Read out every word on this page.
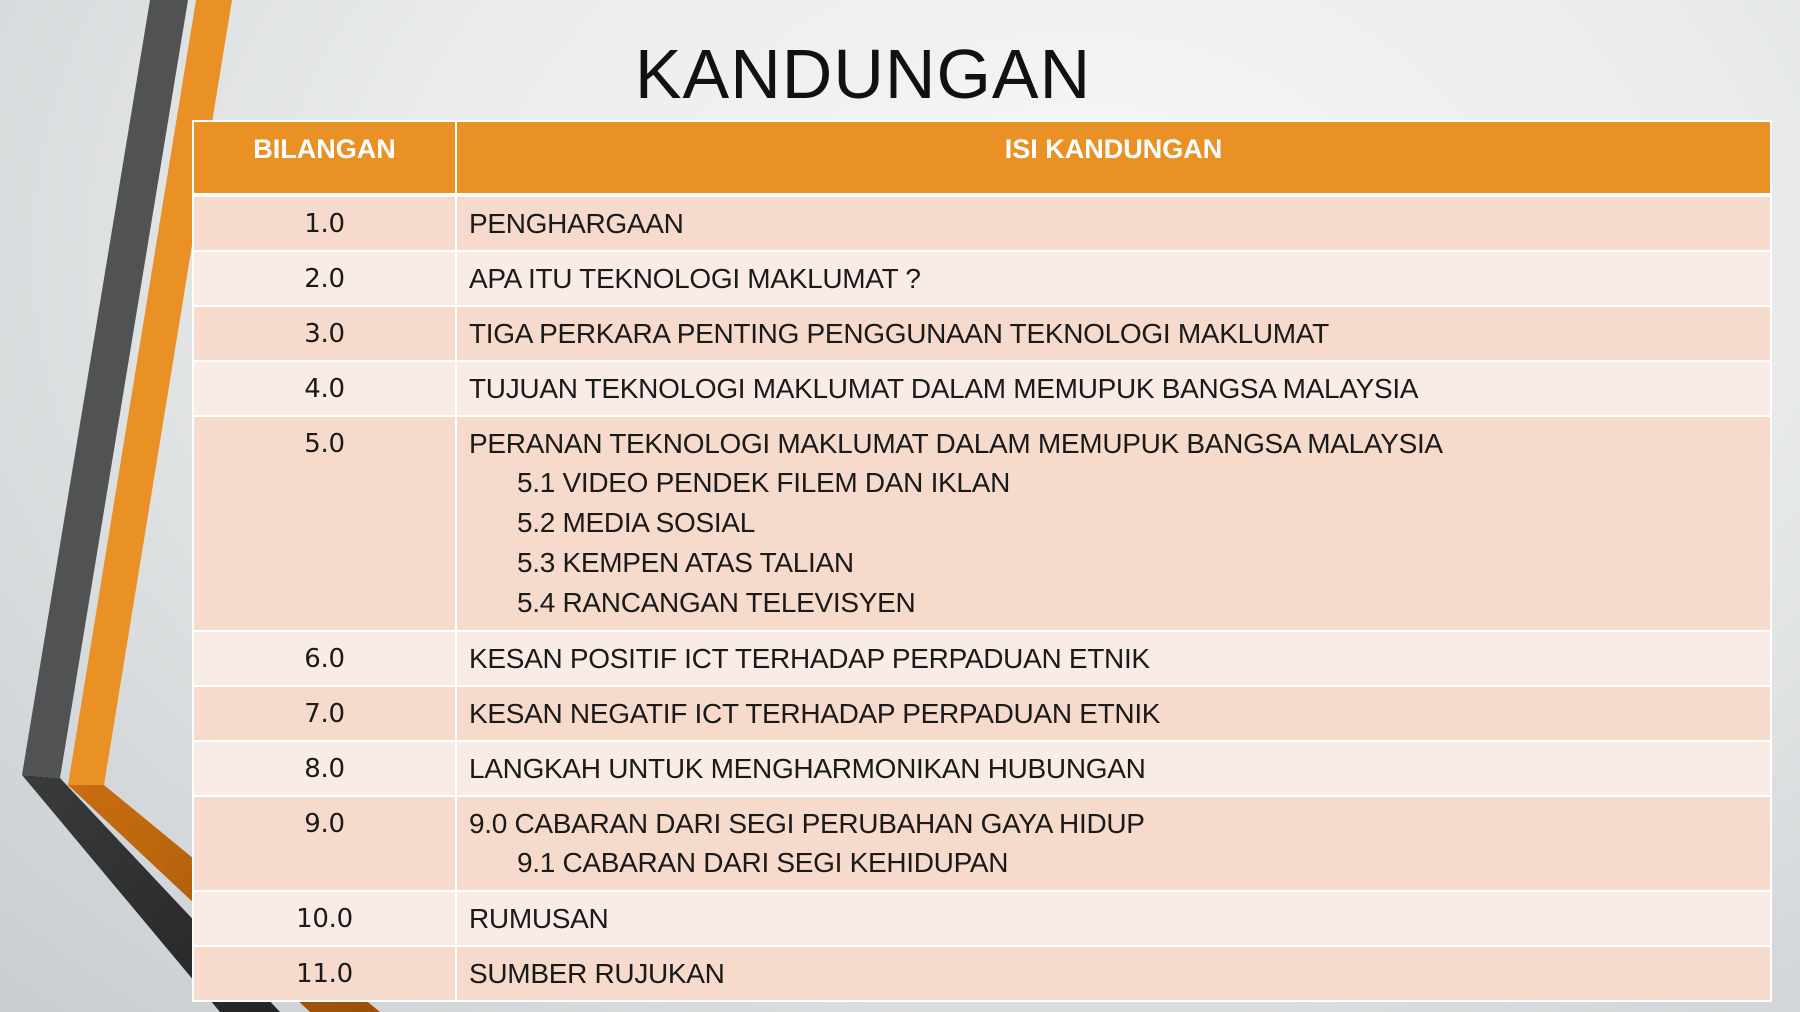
KANDUNGAN
BILANGAN	ISI KANDUNGAN
1.0	PENGHARGAAN
2.0	APA ITU TEKNOLOGI MAKLUMAT ?
3.0	TIGA PERKARA PENTING PENGGUNAAN TEKNOLOGI MAKLUMAT
4.0	TUJUAN TEKNOLOGI MAKLUMAT DALAM MEMUPUK BANGSA MALAYSIA
5.0	PERANAN TEKNOLOGI MAKLUMAT DALAM MEMUPUK BANGSA MALAYSIA
5.1 VIDEO PENDEK FILEM DAN IKLAN
5.2 MEDIA SOSIAL
5.3 KEMPEN ATAS TALIAN
5.4 RANCANGAN TELEVISYEN

6.0	KESAN POSITIF ICT TERHADAP PERPADUAN ETNIK
7.0	KESAN NEGATIF ICT TERHADAP PERPADUAN ETNIK
8.0	LANGKAH UNTUK MENGHARMONIKAN HUBUNGAN
9.0	9.0 CABARAN DARI SEGI PERUBAHAN GAYA HIDUP
9.1 CABARAN DARI SEGI KEHIDUPAN

10.0	RUMUSAN
11.0	SUMBER RUJUKAN
